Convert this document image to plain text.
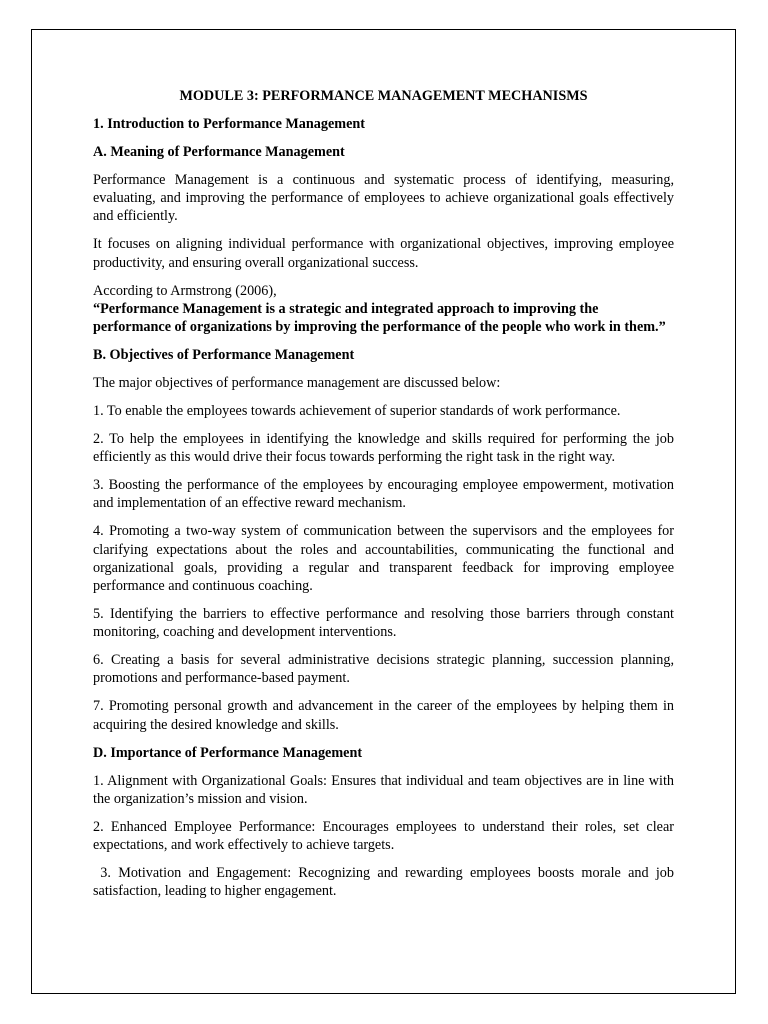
MODULE 3: PERFORMANCE MANAGEMENT MECHANISMS
1. Introduction to Performance Management
A. Meaning of Performance Management

Performance Management is a continuous and systematic process of identifying, measuring, evaluating, and improving the performance of employees to achieve organizational goals effectively and efficiently.

It focuses on aligning individual performance with organizational objectives, improving employee productivity, and ensuring overall organizational success.

According to Armstrong (2006),

“Performance Management is a strategic and integrated approach to improving the performance of organizations by improving the performance of the people who work in them.”

B. Objectives of Performance Management

The major objectives of performance management are discussed below:

1. To enable the employees towards achievement of superior standards of work performance.

2. To help the employees in identifying the knowledge and skills required for performing the job efficiently as this would drive their focus towards performing the right task in the right way.

3. Boosting the performance of the employees by encouraging employee empowerment, motivation and implementation of an effective reward mechanism.

4. Promoting a two-way system of communication between the supervisors and the employees for clarifying expectations about the roles and accountabilities, communicating the functional and organizational goals, providing a regular and transparent feedback for improving employee performance and continuous coaching.

5. Identifying the barriers to effective performance and resolving those barriers through constant monitoring, coaching and development interventions.

6. Creating a basis for several administrative decisions strategic planning, succession planning, promotions and performance-based payment.

7. Promoting personal growth and advancement in the career of the employees by helping them in acquiring the desired knowledge and skills.

D. Importance of Performance Management

1. Alignment with Organizational Goals: Ensures that individual and team objectives are in line with the organization’s mission and vision.

2. Enhanced Employee Performance: Encourages employees to understand their roles, set clear expectations, and work effectively to achieve targets.

3. Motivation and Engagement: Recognizing and rewarding employees boosts morale and job satisfaction, leading to higher engagement.
